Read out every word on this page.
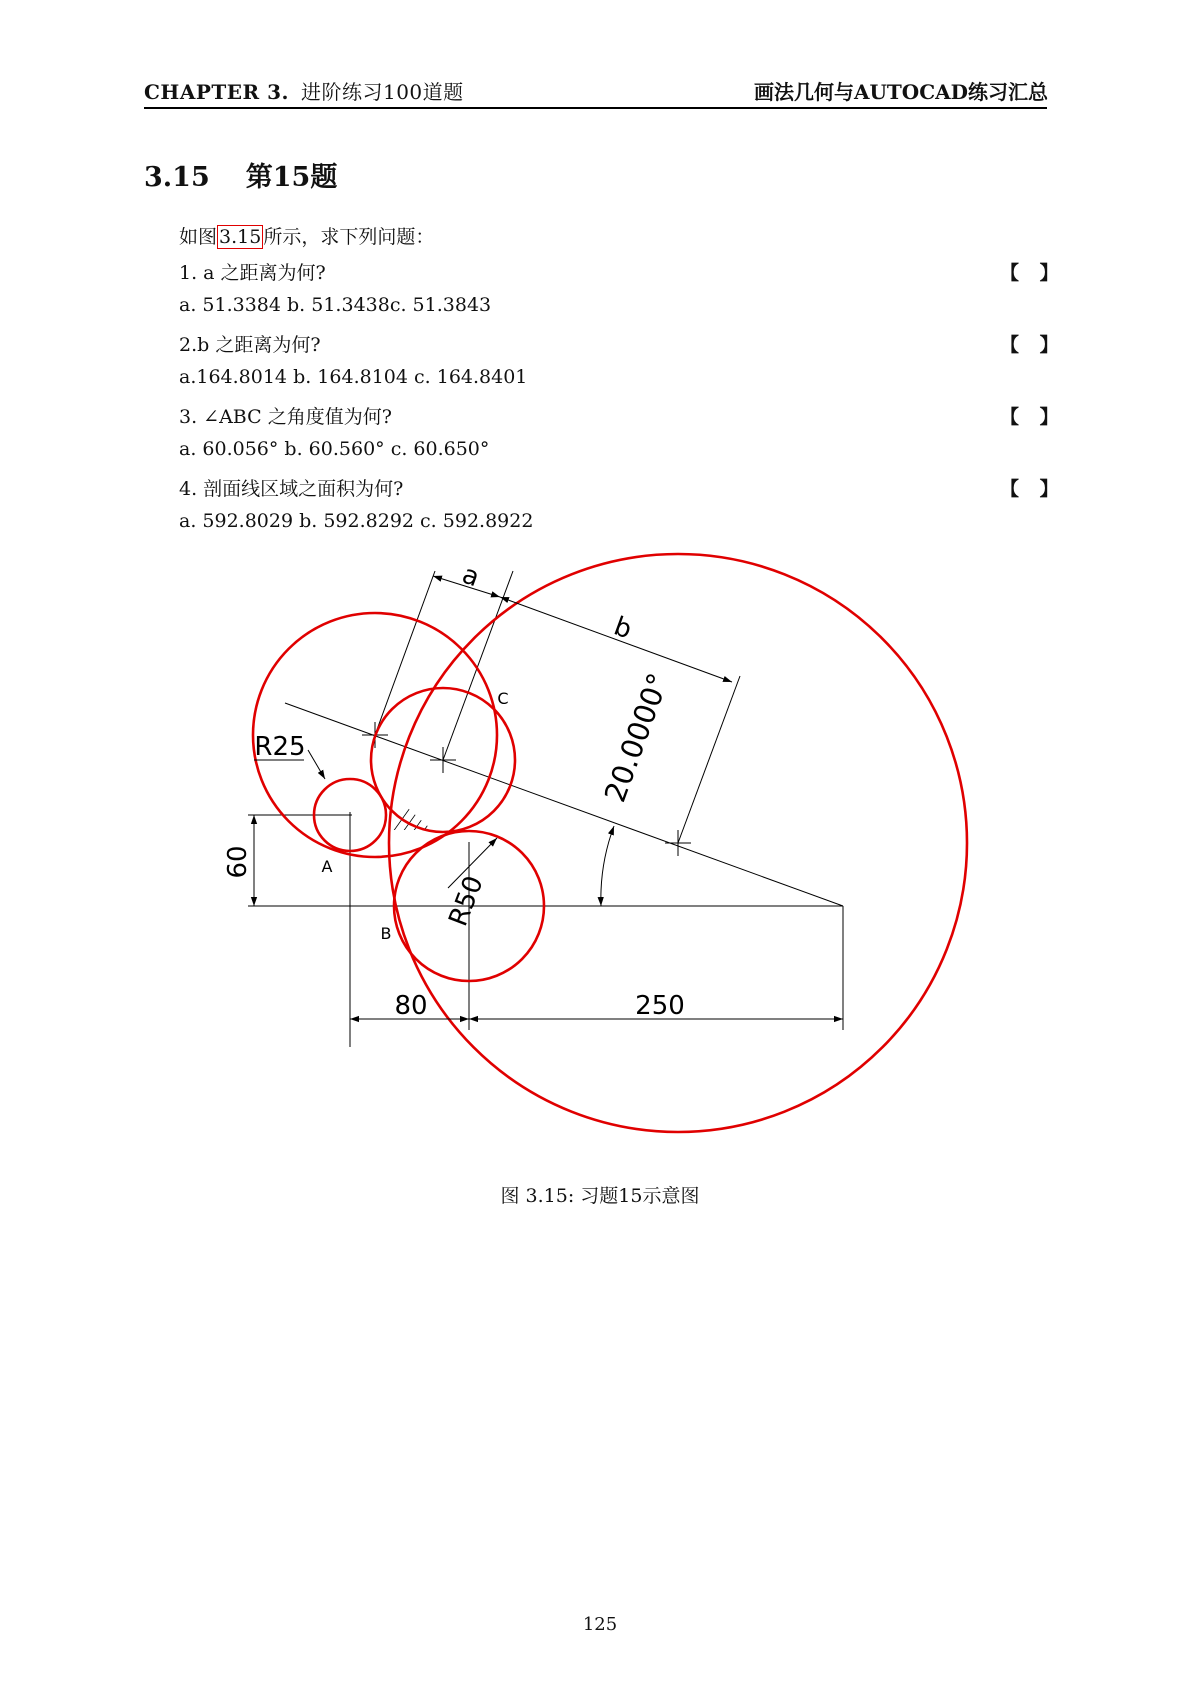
CHAPTER 3. 进阶练习100道题	画法几何与AUTOCAD练习汇总
3.15 第15题
如图 3.15 所示，求下列问题：
1. a 之距离为何?	【 】
a. 51.3384 b. 51.3438c. 51.3843
2.b 之距离为何?	【 】
a.164.8014 b. 164.8104 c. 164.8401
3. ∠ABC 之角度值为何?	【 】
a. 60.056° b. 60.560° c. 60.650°
4. 剖面线区域之面积为何?	【 】
a. 592.8029 b. 592.8292 c. 592.8922
a
b
C
A
B
R25
R50
20.0000°
60
80	250
图 3.15: 习题15示意图
125
